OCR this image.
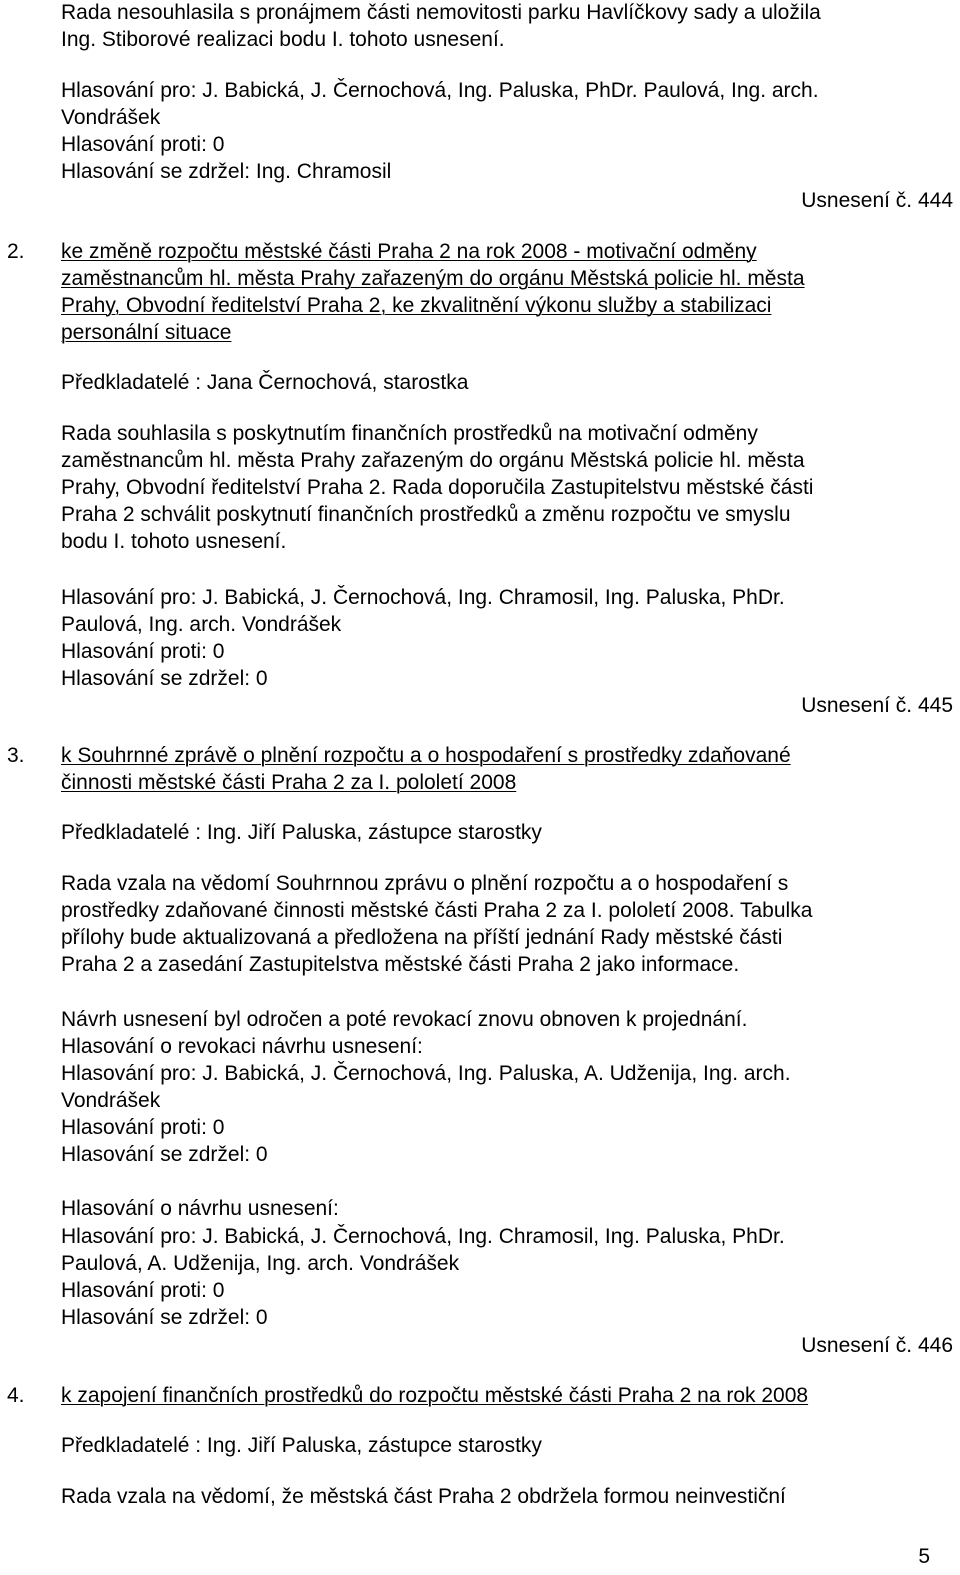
Rada nesouhlasila s pronájmem části nemovitosti parku Havlíčkovy sady a uložila
Ing. Stiborové realizaci bodu I. tohoto usnesení.
Hlasování pro: J. Babická, J. Černochová, Ing. Paluska, PhDr. Paulová, Ing. arch.
Vondrášek
Hlasování proti: 0
Hlasování se zdržel: Ing. Chramosil
Usnesení č. 444
2. ke změně rozpočtu městské části Praha 2 na rok 2008 - motivační odměny
zaměstnancům hl. města Prahy zařazeným do orgánu Městská policie hl. města
Prahy, Obvodní ředitelství Praha 2, ke zkvalitnění výkonu služby a stabilizaci
personální situace
Předkladatelé : Jana Černochová, starostka
Rada souhlasila s poskytnutím finančních prostředků na motivační odměny
zaměstnancům hl. města Prahy zařazeným do orgánu Městská policie hl. města
Prahy, Obvodní ředitelství Praha 2. Rada doporučila Zastupitelstvu městské části
Praha 2 schválit poskytnutí finančních prostředků a změnu rozpočtu ve smyslu
bodu I. tohoto usnesení.
Hlasování pro: J. Babická, J. Černochová, Ing. Chramosil, Ing. Paluska, PhDr.
Paulová, Ing. arch. Vondrášek
Hlasování proti: 0
Hlasování se zdržel: 0
Usnesení č. 445
3. k Souhrnné zprávě o plnění rozpočtu a o hospodaření s prostředky zdaňované
činnosti městské části Praha 2 za I. pololetí 2008
Předkladatelé : Ing. Jiří Paluska, zástupce starostky
Rada vzala na vědomí Souhrnnou zprávu o plnění rozpočtu a o hospodaření s
prostředky zdaňované činnosti městské části Praha 2 za I. pololetí 2008. Tabulka
přílohy bude aktualizovaná a předložena na příští jednání Rady městské části
Praha 2 a zasedání Zastupitelstva městské části Praha 2 jako informace.
Návrh usnesení byl odročen a poté revokací znovu obnoven k projednání.
Hlasování o revokaci návrhu usnesení:
Hlasování pro: J. Babická, J. Černochová, Ing. Paluska, A. Udženija, Ing. arch.
Vondrášek
Hlasování proti: 0
Hlasování se zdržel: 0
Hlasování o návrhu usnesení:
Hlasování pro: J. Babická, J. Černochová, Ing. Chramosil, Ing. Paluska, PhDr.
Paulová, A. Udženija, Ing. arch. Vondrášek
Hlasování proti: 0
Hlasování se zdržel: 0
Usnesení č. 446
4. k zapojení finančních prostředků do rozpočtu městské části Praha 2 na rok 2008
Předkladatelé : Ing. Jiří Paluska, zástupce starostky
Rada vzala na vědomí, že městská část Praha 2 obdržela formou neinvestiční
5
